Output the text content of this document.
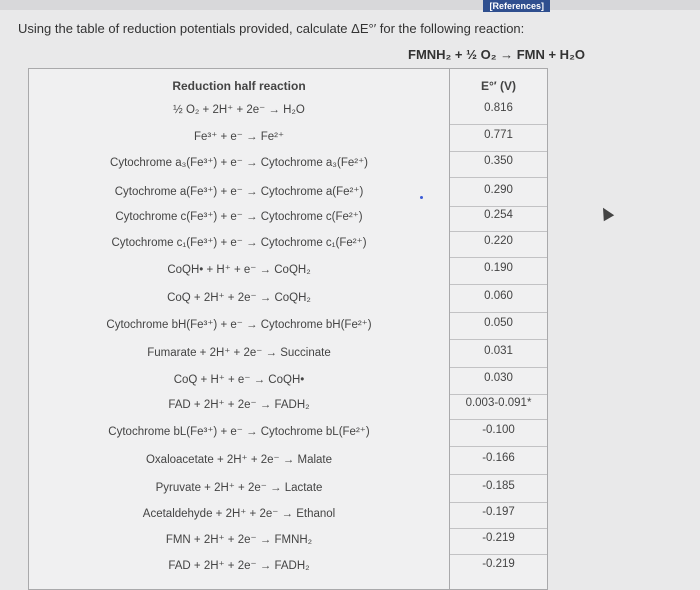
[References]
Using the table of reduction potentials provided, calculate ΔE°′ for the following reaction:
FMNH₂ + ½ O₂ → FMN + H₂O
Reduction half reaction	E°′ (V)
½ O₂ + 2H⁺ + 2e⁻ → H₂O	0.816
Fe³⁺ + e⁻ → Fe²⁺	0.771
Cytochrome a₃(Fe³⁺) + e⁻ → Cytochrome a₃(Fe²⁺)	0.350
Cytochrome a(Fe³⁺) + e⁻ → Cytochrome a(Fe²⁺)	0.290
Cytochrome c(Fe³⁺) + e⁻ → Cytochrome c(Fe²⁺)	0.254
Cytochrome c₁(Fe³⁺) + e⁻ → Cytochrome c₁(Fe²⁺)	0.220
CoQH• + H⁺ + e⁻ → CoQH₂	0.190
CoQ + 2H⁺ + 2e⁻ → CoQH₂	0.060
Cytochrome bH(Fe³⁺) + e⁻ → Cytochrome bH(Fe²⁺)	0.050
Fumarate + 2H⁺ + 2e⁻ → Succinate	0.031
CoQ + H⁺ + e⁻ → CoQH•	0.030
FAD + 2H⁺ + 2e⁻ → FADH₂	0.003-0.091*
Cytochrome bL(Fe³⁺) + e⁻ → Cytochrome bL(Fe²⁺)	-0.100
Oxaloacetate + 2H⁺ + 2e⁻ → Malate	-0.166
Pyruvate + 2H⁺ + 2e⁻ → Lactate	-0.185
Acetaldehyde + 2H⁺ + 2e⁻ → Ethanol	-0.197
FMN + 2H⁺ + 2e⁻ → FMNH₂	-0.219
FAD + 2H⁺ + 2e⁻ → FADH₂	-0.219
